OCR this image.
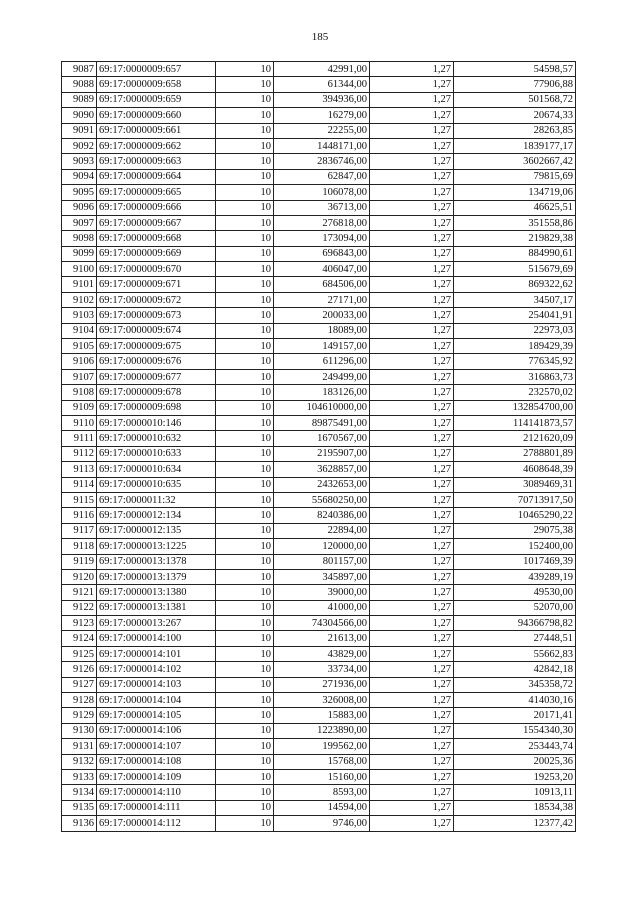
185
9087	69:17:0000009:657	10	42991,00	1,27	54598,57
9088	69:17:0000009:658	10	61344,00	1,27	77906,88
9089	69:17:0000009:659	10	394936,00	1,27	501568,72
9090	69:17:0000009:660	10	16279,00	1,27	20674,33
9091	69:17:0000009:661	10	22255,00	1,27	28263,85
9092	69:17:0000009:662	10	1448171,00	1,27	1839177,17
9093	69:17:0000009:663	10	2836746,00	1,27	3602667,42
9094	69:17:0000009:664	10	62847,00	1,27	79815,69
9095	69:17:0000009:665	10	106078,00	1,27	134719,06
9096	69:17:0000009:666	10	36713,00	1,27	46625,51
9097	69:17:0000009:667	10	276818,00	1,27	351558,86
9098	69:17:0000009:668	10	173094,00	1,27	219829,38
9099	69:17:0000009:669	10	696843,00	1,27	884990,61
9100	69:17:0000009:670	10	406047,00	1,27	515679,69
9101	69:17:0000009:671	10	684506,00	1,27	869322,62
9102	69:17:0000009:672	10	27171,00	1,27	34507,17
9103	69:17:0000009:673	10	200033,00	1,27	254041,91
9104	69:17:0000009:674	10	18089,00	1,27	22973,03
9105	69:17:0000009:675	10	149157,00	1,27	189429,39
9106	69:17:0000009:676	10	611296,00	1,27	776345,92
9107	69:17:0000009:677	10	249499,00	1,27	316863,73
9108	69:17:0000009:678	10	183126,00	1,27	232570,02
9109	69:17:0000009:698	10	104610000,00	1,27	132854700,00
9110	69:17:0000010:146	10	89875491,00	1,27	114141873,57
9111	69:17:0000010:632	10	1670567,00	1,27	2121620,09
9112	69:17:0000010:633	10	2195907,00	1,27	2788801,89
9113	69:17:0000010:634	10	3628857,00	1,27	4608648,39
9114	69:17:0000010:635	10	2432653,00	1,27	3089469,31
9115	69:17:0000011:32	10	55680250,00	1,27	70713917,50
9116	69:17:0000012:134	10	8240386,00	1,27	10465290,22
9117	69:17:0000012:135	10	22894,00	1,27	29075,38
9118	69:17:0000013:1225	10	120000,00	1,27	152400,00
9119	69:17:0000013:1378	10	801157,00	1,27	1017469,39
9120	69:17:0000013:1379	10	345897,00	1,27	439289,19
9121	69:17:0000013:1380	10	39000,00	1,27	49530,00
9122	69:17:0000013:1381	10	41000,00	1,27	52070,00
9123	69:17:0000013:267	10	74304566,00	1,27	94366798,82
9124	69:17:0000014:100	10	21613,00	1,27	27448,51
9125	69:17:0000014:101	10	43829,00	1,27	55662,83
9126	69:17:0000014:102	10	33734,00	1,27	42842,18
9127	69:17:0000014:103	10	271936,00	1,27	345358,72
9128	69:17:0000014:104	10	326008,00	1,27	414030,16
9129	69:17:0000014:105	10	15883,00	1,27	20171,41
9130	69:17:0000014:106	10	1223890,00	1,27	1554340,30
9131	69:17:0000014:107	10	199562,00	1,27	253443,74
9132	69:17:0000014:108	10	15768,00	1,27	20025,36
9133	69:17:0000014:109	10	15160,00	1,27	19253,20
9134	69:17:0000014:110	10	8593,00	1,27	10913,11
9135	69:17:0000014:111	10	14594,00	1,27	18534,38
9136	69:17:0000014:112	10	9746,00	1,27	12377,42
